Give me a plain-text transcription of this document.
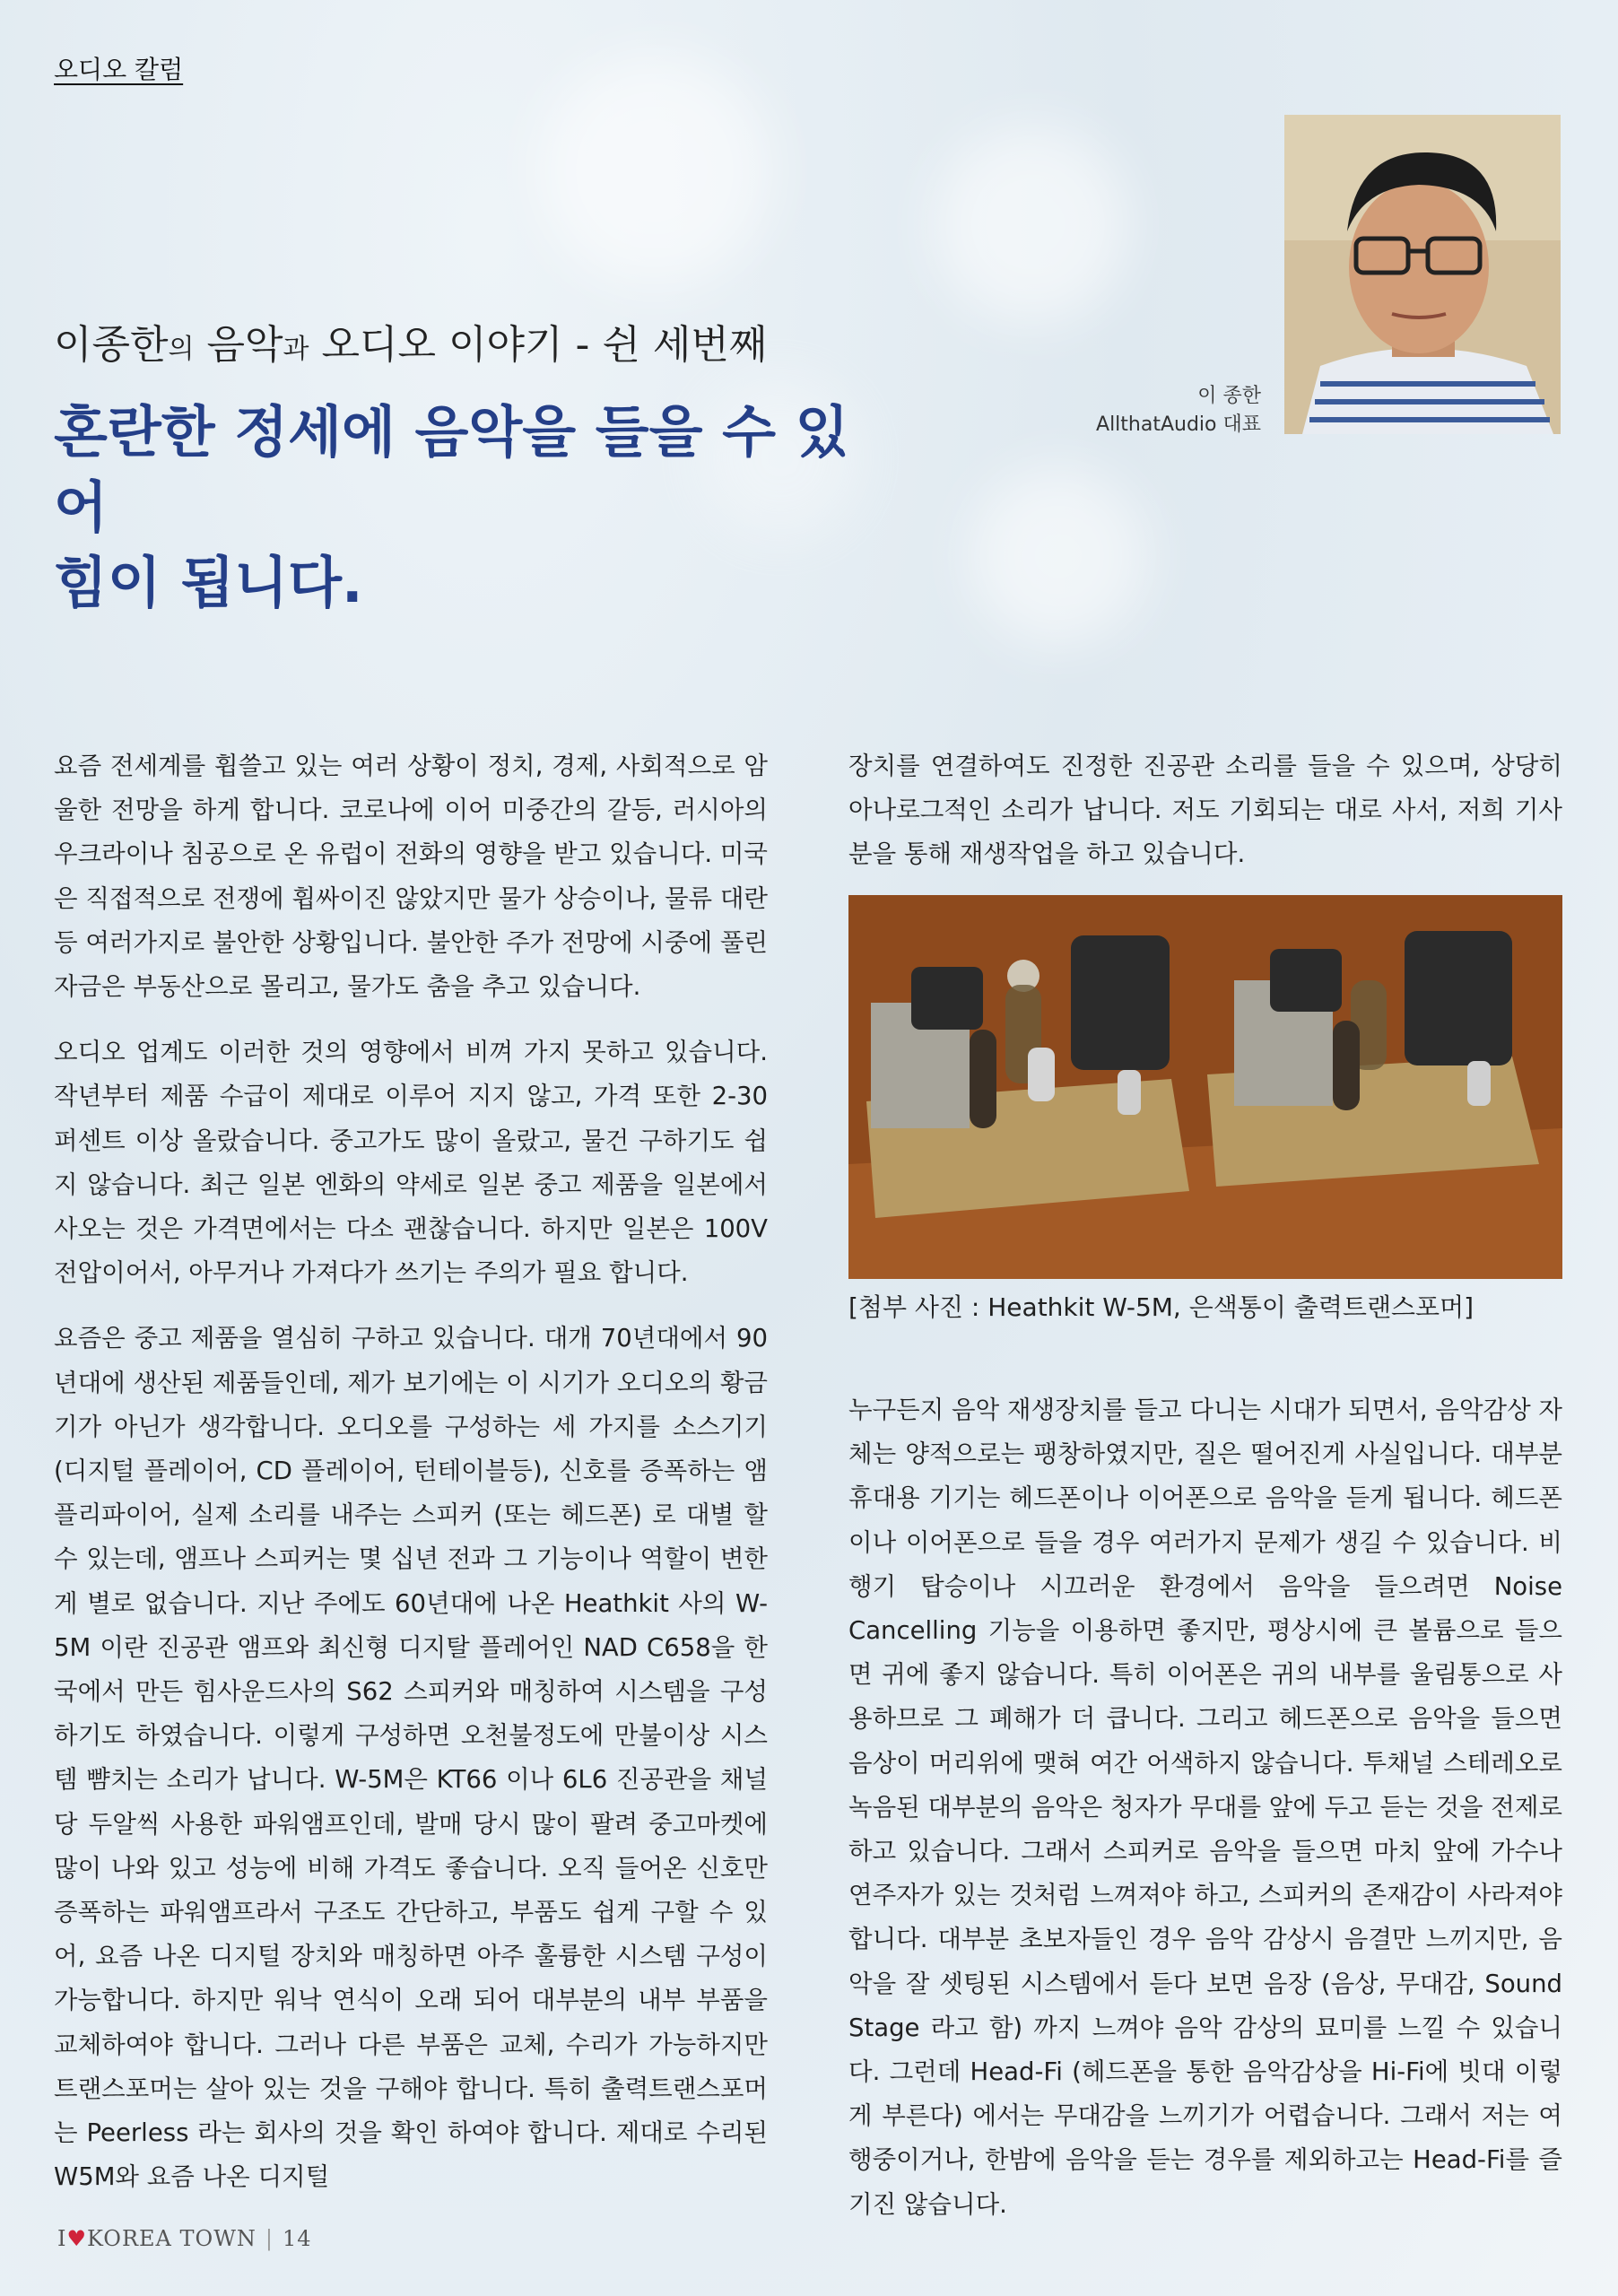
오디오 칼럼
이종한의 음악과 오디오 이야기 - 쉰 세번째
혼란한 정세에 음악을 들을 수 있어
힘이 됩니다.
이 종한
AllthatAudio 대표

요즘 전세계를 휩쓸고 있는 여러 상황이 정치, 경제, 사회적으로 암울한 전망을 하게 합니다. 코로나에 이어 미중간의 갈등, 러시아의 우크라이나 침공으로 온 유럽이 전화의 영향을 받고 있습니다. 미국은 직접적으로 전쟁에 휩싸이진 않았지만 물가 상승이나, 물류 대란등 여러가지로 불안한 상황입니다. 불안한 주가 전망에 시중에 풀린 자금은 부동산으로 몰리고, 물가도 춤을 추고 있습니다.

오디오 업계도 이러한 것의 영향에서 비껴 가지 못하고 있습니다. 작년부터 제품 수급이 제대로 이루어 지지 않고, 가격 또한 2-30 퍼센트 이상 올랐습니다. 중고가도 많이 올랐고, 물건 구하기도 쉽지 않습니다. 최근 일본 엔화의 약세로 일본 중고 제품을 일본에서 사오는 것은 가격면에서는 다소 괜찮습니다. 하지만 일본은 100V 전압이어서, 아무거나 가져다가 쓰기는 주의가 필요 합니다.

요즘은 중고 제품을 열심히 구하고 있습니다. 대개 70년대에서 90년대에 생산된 제품들인데, 제가 보기에는 이 시기가 오디오의 황금기가 아닌가 생각합니다. 오디오를 구성하는 세 가지를 소스기기(디지털 플레이어, CD 플레이어, 턴테이블등), 신호를 증폭하는 앰플리파이어, 실제 소리를 내주는 스피커 (또는 헤드폰) 로 대별 할 수 있는데, 앰프나 스피커는 몇 십년 전과 그 기능이나 역할이 변한게 별로 없습니다. 지난 주에도 60년대에 나온 Heathkit 사의 W-5M 이란 진공관 앰프와 최신형 디지탈 플레어인 NAD C658을 한국에서 만든 힘사운드사의 S62 스피커와 매칭하여 시스템을 구성하기도 하였습니다. 이렇게 구성하면 오천불정도에 만불이상 시스템 뺨치는 소리가 납니다. W-5M은 KT66 이나 6L6 진공관을 채널당 두알씩 사용한 파워앰프인데, 발매 당시 많이 팔려 중고마켓에 많이 나와 있고 성능에 비해 가격도 좋습니다. 오직 들어온 신호만 증폭하는 파워앰프라서 구조도 간단하고, 부품도 쉽게 구할 수 있어, 요즘 나온 디지털 장치와 매칭하면 아주 훌륭한 시스템 구성이 가능합니다. 하지만 워낙 연식이 오래 되어 대부분의 내부 부품을 교체하여야 합니다. 그러나 다른 부품은 교체, 수리가 가능하지만 트랜스포머는 살아 있는 것을 구해야 합니다. 특히 출력트랜스포머는 Peerless 라는 회사의 것을 확인 하여야 합니다. 제대로 수리된 W5M와 요즘 나온 디지털

장치를 연결하여도 진정한 진공관 소리를 들을 수 있으며, 상당히 아나로그적인 소리가 납니다. 저도 기회되는 대로 사서, 저희 기사분을 통해 재생작업을 하고 있습니다.

[첨부 사진 : Heathkit W-5M, 은색통이 출력트랜스포머]

누구든지 음악 재생장치를 들고 다니는 시대가 되면서, 음악감상 자체는 양적으로는 팽창하였지만, 질은 떨어진게 사실입니다. 대부분 휴대용 기기는 헤드폰이나 이어폰으로 음악을 듣게 됩니다. 헤드폰이나 이어폰으로 들을 경우 여러가지 문제가 생길 수 있습니다. 비행기 탑승이나 시끄러운 환경에서 음악을 들으려면 Noise Cancelling 기능을 이용하면 좋지만, 평상시에 큰 볼륨으로 들으면 귀에 좋지 않습니다. 특히 이어폰은 귀의 내부를 울림통으로 사용하므로 그 폐해가 더 큽니다. 그리고 헤드폰으로 음악을 들으면 음상이 머리위에 맺혀 여간 어색하지 않습니다. 투채널 스테레오로 녹음된 대부분의 음악은 청자가 무대를 앞에 두고 듣는 것을 전제로 하고 있습니다. 그래서 스피커로 음악을 들으면 마치 앞에 가수나 연주자가 있는 것처럼 느껴져야 하고, 스피커의 존재감이 사라져야 합니다. 대부분 초보자들인 경우 음악 감상시 음결만 느끼지만, 음악을 잘 셋팅된 시스템에서 듣다 보면 음장 (음상, 무대감, Sound Stage 라고 함) 까지 느껴야 음악 감상의 묘미를 느낄 수 있습니다. 그런데 Head-Fi (헤드폰을 통한 음악감상을 Hi-Fi에 빗대 이렇게 부른다) 에서는 무대감을 느끼기가 어렵습니다. 그래서 저는 여행중이거나, 한밤에 음악을 듣는 경우를 제외하고는 Head-Fi를 즐기진 않습니다.

I♥KOREA TOWN | 14
